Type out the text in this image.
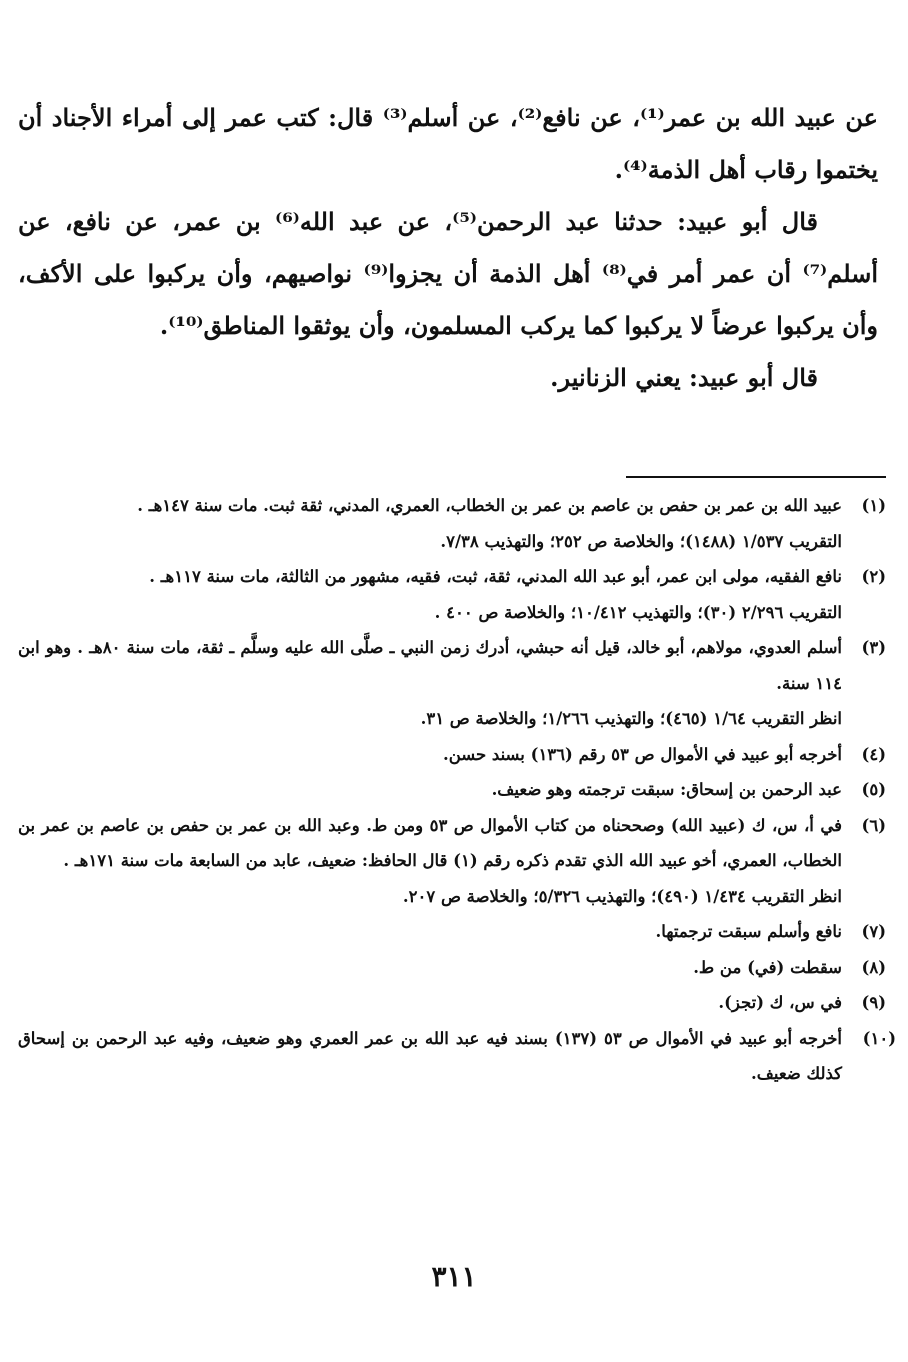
عن عبيد الله بن عمر⁽¹⁾، عن نافع⁽²⁾، عن أسلم⁽³⁾ قال: كتب عمر إلى أمراء الأجناد أن يختموا رقاب أهل الذمة⁽⁴⁾.

قال أبو عبيد: حدثنا عبد الرحمن⁽⁵⁾، عن عبد الله⁽⁶⁾ بن عمر، عن نافع، عن أسلم⁽⁷⁾ أن عمر أمر في⁽⁸⁾ أهل الذمة أن يجزوا⁽⁹⁾ نواصيهم، وأن يركبوا على الأكف، وأن يركبوا عرضاً لا يركبوا كما يركب المسلمون، وأن يوثقوا المناطق⁽¹⁰⁾.

قال أبو عبيد: يعني الزنانير.

(١)
عبيد الله بن عمر بن حفص بن عاصم بن عمر بن الخطاب، العمري، المدني، ثقة ثبت. مات سنة ١٤٧هـ .
التقريب ١/٥٣٧ (١٤٨٨)؛ والخلاصة ص ٢٥٢؛ والتهذيب ٧/٣٨.
(٢)
نافع الفقيه، مولى ابن عمر، أبو عبد الله المدني، ثقة، ثبت، فقيه، مشهور من الثالثة، مات سنة ١١٧هـ .
التقريب ٢/٢٩٦ (٣٠)؛ والتهذيب ١٠/٤١٢؛ والخلاصة ص ٤٠٠ .
(٣)
أسلم العدوي، مولاهم، أبو خالد، قيل أنه حبشي، أدرك زمن النبي ـ صلَّى الله عليه وسلَّم ـ ثقة، مات سنة ٨٠هـ . وهو ابن ١١٤ سنة.
انظر التقريب ١/٦٤ (٤٦٥)؛ والتهذيب ١/٢٦٦؛ والخلاصة ص ٣١.
(٤)
أخرجه أبو عبيد في الأموال ص ٥٣ رقم (١٣٦) بسند حسن.
(٥)
عبد الرحمن بن إسحاق: سبقت ترجمته وهو ضعيف.
(٦)
في أ، س، ك (عبيد الله) وصححناه من كتاب الأموال ص ٥٣ ومن ط. وعبد الله بن عمر بن حفص بن عاصم بن عمر بن الخطاب، العمري، أخو عبيد الله الذي تقدم ذكره رقم (١) قال الحافظ: ضعيف، عابد من السابعة مات سنة ١٧١هـ .
انظر التقريب ١/٤٣٤ (٤٩٠)؛ والتهذيب ٥/٣٢٦؛ والخلاصة ص ٢٠٧.
(٧)
نافع وأسلم سبقت ترجمتها.
(٨)
سقطت (في) من ط.
(٩)
في س، ك (تجز).
(١٠)
أخرجه أبو عبيد في الأموال ص ٥٣ (١٣٧) بسند فيه عبد الله بن عمر العمري وهو ضعيف، وفيه عبد الرحمن بن إسحاق كذلك ضعيف.
٣١١
